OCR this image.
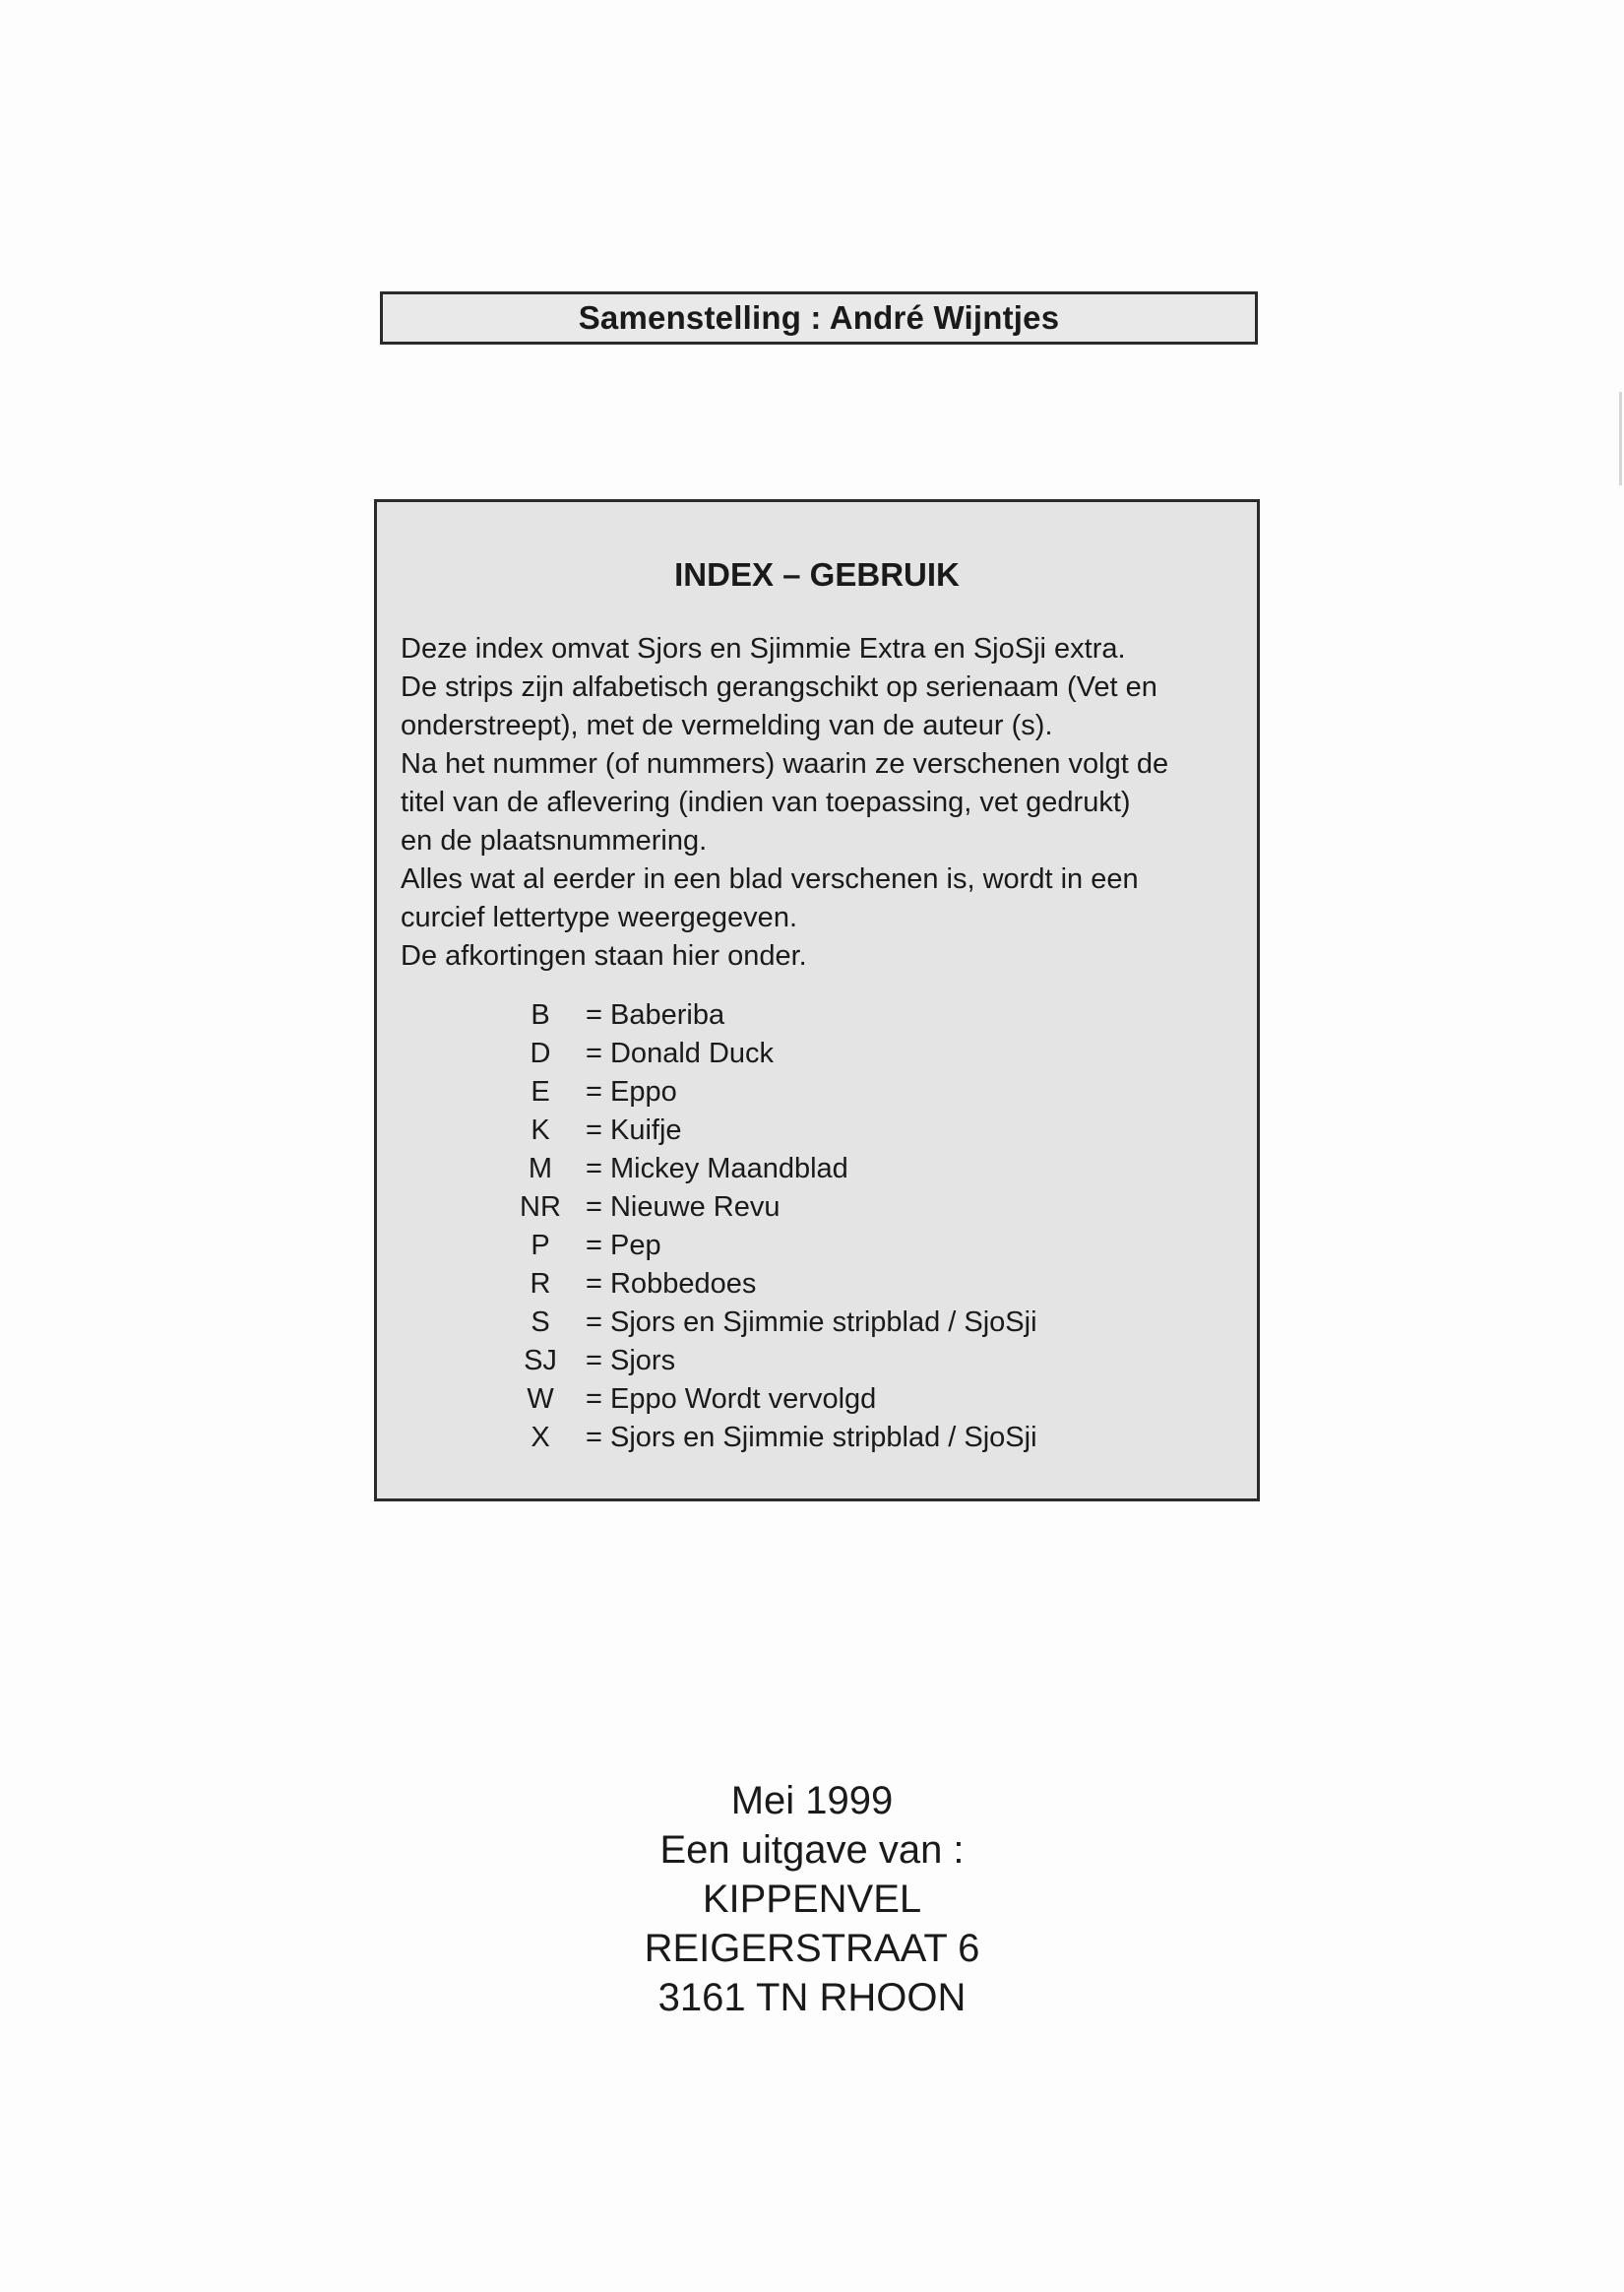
Samenstelling : André Wijntjes
INDEX – GEBRUIK
Deze index omvat Sjors en Sjimmie Extra en SjoSji extra.
De strips zijn alfabetisch gerangschikt op serienaam (Vet en
onderstreept), met de vermelding van de auteur (s).
Na het nummer (of nummers) waarin ze verschenen volgt de
titel van de aflevering (indien van toepassing, vet gedrukt)
en de plaatsnummering.
Alles wat al eerder in een blad verschenen is, wordt in een
curcief lettertype weergegeven.
De afkortingen staan hier onder.
B	= Baberiba
D	= Donald Duck
E	= Eppo
K	= Kuifje
M	= Mickey Maandblad
NR = Nieuwe Revu
P	= Pep
R	= Robbedoes
S	= Sjors en Sjimmie stripblad / SjoSji
SJ	= Sjors
W	= Eppo Wordt vervolgd
X	= Sjors en Sjimmie stripblad / SjoSji
Mei 1999
Een uitgave van :
KIPPENVEL
REIGERSTRAAT 6
3161 TN RHOON
